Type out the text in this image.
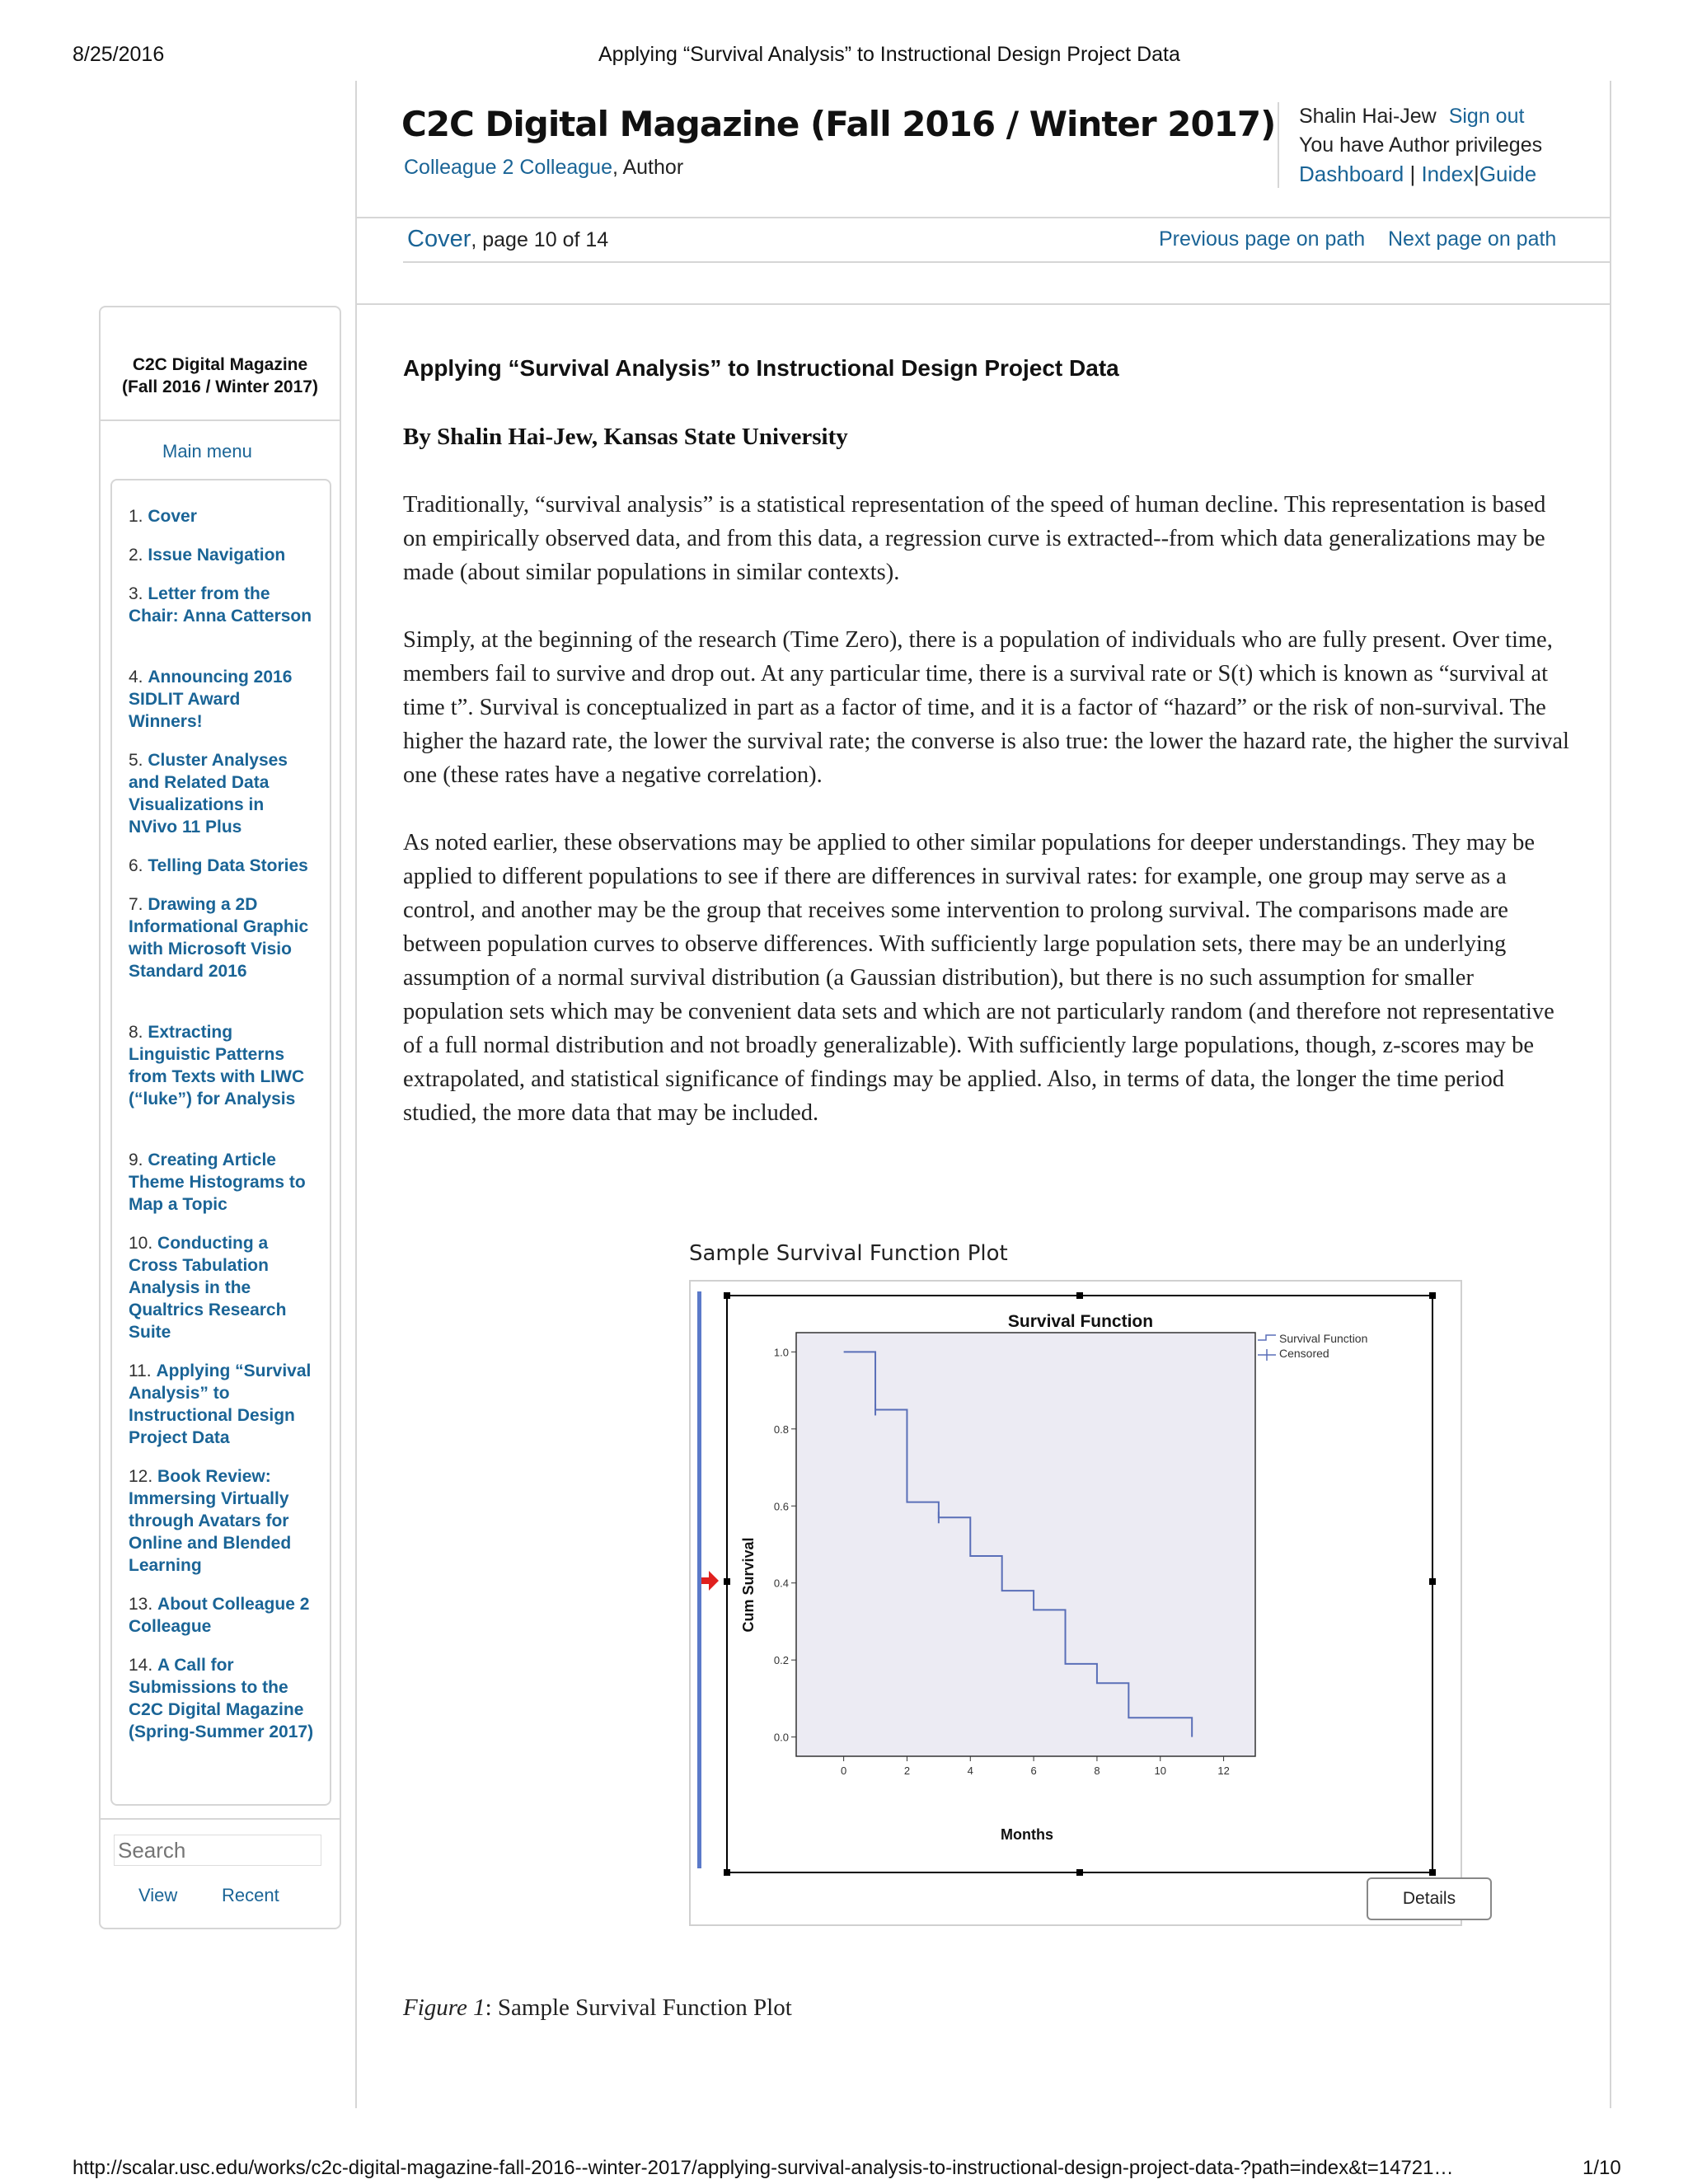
8/25/2016	Applying “Survival Analysis” to Instructional Design Project Data
http://scalar.usc.edu/works/c2c-digital-magazine-fall-2016--winter-2017/applying-survival-analysis-to-instructional-design-project-data-?path=index&t=14721…	1/10
C2C Digital Magazine (Fall 2016 / Winter 2017)
Colleague 2 Colleague, Author
Shalin Hai-Jew Sign out
You have Author privileges
Dashboard | Index|Guide
Cover, page 10 of 14	Previous page on path Next page on path
C2C Digital Magazine
(Fall 2016 / Winter 2017)
Main menu
1. Cover
2. Issue Navigation
3. Letter from the Chair: Anna Catterson
4. Announcing 2016 SIDLIT Award Winners!
5. Cluster Analyses and Related Data Visualizations in NVivo 11 Plus
6. Telling Data Stories
7. Drawing a 2D Informational Graphic with Microsoft Visio Standard 2016
8. Extracting Linguistic Patterns from Texts with LIWC (“luke”) for Analysis
9. Creating Article Theme Histograms to Map a Topic
10. Conducting a Cross Tabulation Analysis in the Qualtrics Research Suite
11. Applying “Survival Analysis” to Instructional Design Project Data
12. Book Review: Immersing Virtually through Avatars for Online and Blended Learning
13. About Colleague 2 Colleague
14. A Call for Submissions to the C2C Digital Magazine (Spring-Summer 2017)
Search
View Recent
Applying “Survival Analysis” to Instructional Design Project Data
By Shalin Hai-Jew, Kansas State University
Traditionally, “survival analysis” is a statistical representation of the speed of human decline. This representation is based on empirically observed data, and from this data, a regression curve is extracted--from which data generalizations may be made (about similar populations in similar contexts).
Simply, at the beginning of the research (Time Zero), there is a population of individuals who are fully present. Over time, members fail to survive and drop out. At any particular time, there is a survival rate or S(t) which is known as “survival at time t”. Survival is conceptualized in part as a factor of time, and it is a factor of “hazard” or the risk of non-survival. The higher the hazard rate, the lower the survival rate; the converse is also true: the lower the hazard rate, the higher the survival one (these rates have a negative correlation).
As noted earlier, these observations may be applied to other similar populations for deeper understandings. They may be applied to different populations to see if there are differences in survival rates: for example, one group may serve as a control, and another may be the group that receives some intervention to prolong survival. The comparisons made are between population curves to observe differences. With sufficiently large population sets, there may be an underlying assumption of a normal survival distribution (a Gaussian distribution), but there is no such assumption for smaller population sets which may be convenient data sets and which are not particularly random (and therefore not representative of a full normal distribution and not broadly generalizable). With sufficiently large populations, though, z-scores may be extrapolated, and statistical significance of findings may be applied. Also, in terms of data, the longer the time period studied, the more data that may be included.
Sample Survival Function Plot
Survival Function
0.0
0.2
0.4
0.6
0.8
1.0
0	2	4	6	8	10	12
Months
Cum Survival
Survival Function
Censored
Details
Figure 1: Sample Survival Function Plot
